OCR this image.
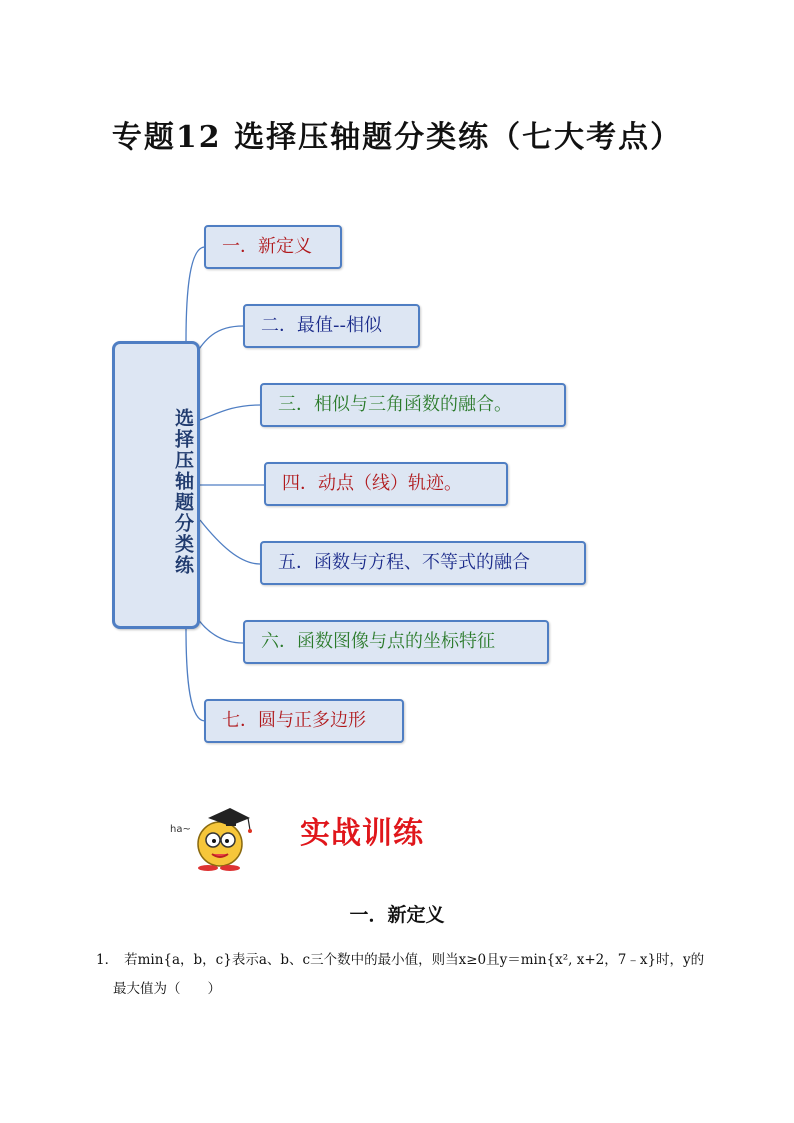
专题12 选择压轴题分类练（七大考点）
选择压轴题分类练
一．新定义
二．最值--相似
三．相似与三角函数的融合。
四．动点（线）轨迹。
五．函数与方程、不等式的融合
六．函数图像与点的坐标特征
七．圆与正多边形
ha~	实战训练
一．新定义
1． 若min{a，b，c}表示a、b、c三个数中的最小值，则当x≥0且y＝min{x², x+2，7﹣x}时，y的
最大值为（　　）
